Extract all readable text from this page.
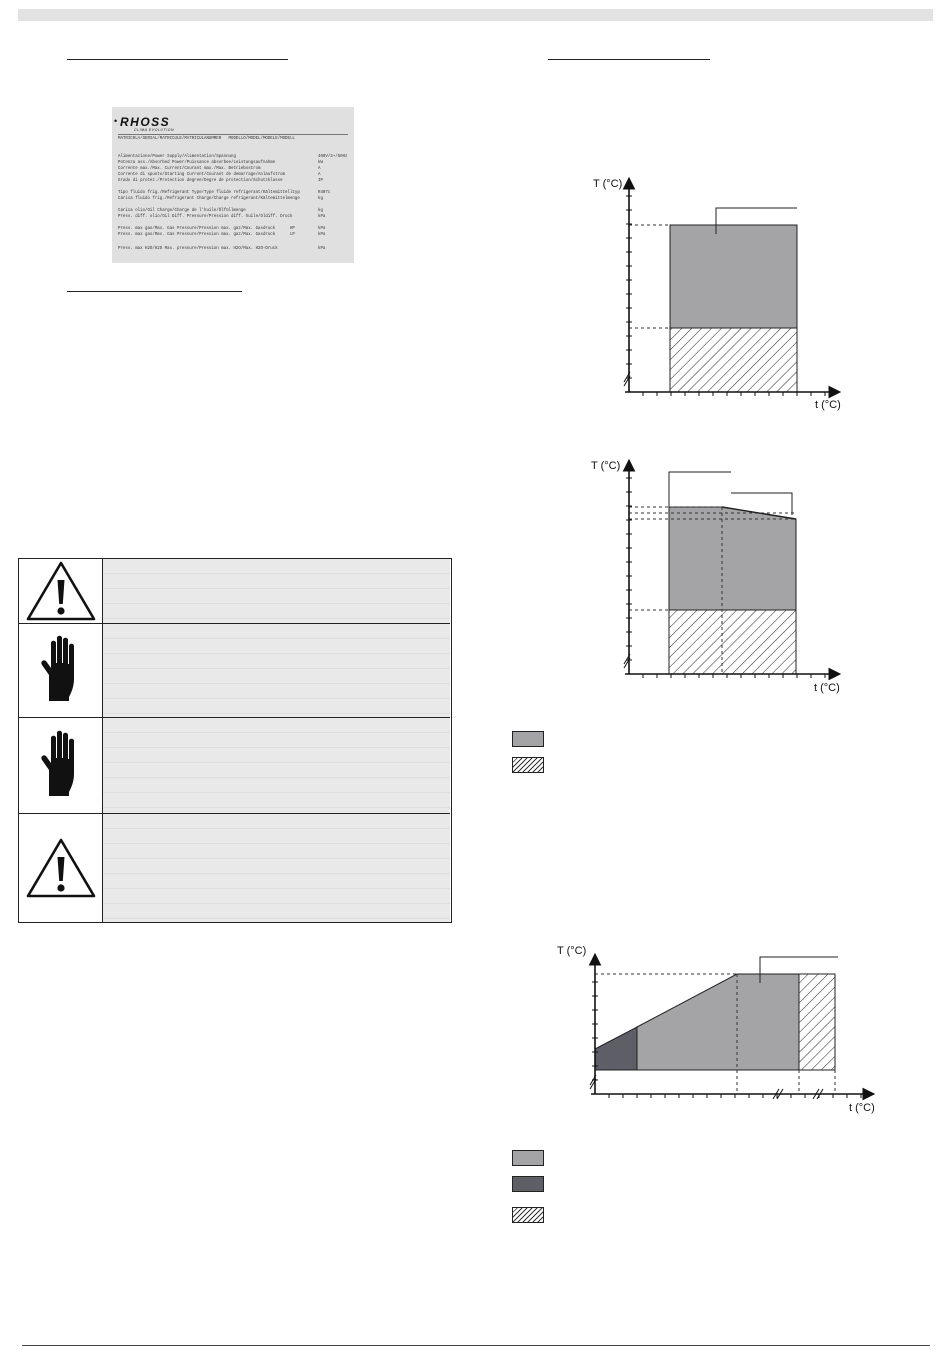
• RHOSS
CLIMA EVOLUTION
MATRICOLA/SERIAL/MATRICULE/MATRICULANUMMER   MODELLO/MODEL/MODELE/MODELL
Alimentazione/Power Supply/Alimentation/Spannung	400V/3~/50Hz
Potenza ass./Absorbed Power/Puissance absorbee/Leistungsaufnahme	kW
Corrente max./Max. Current/Courant max./Max. Betriebsstrom	A
Corrente di spunto/Starting Current/Courant de demarrage/Anlaufstrom	A
Grado di protez./Protection degree/Degre de protection/Schutzklasse	IP
Tipo fluido frig./Refrigerant Type/Type fluide refrigerant/Kältemittelltyp	R407c
Carica fluido frig./Refrigerant Charge/Charge refrigerant/Kältemittelmenge	kg
Carica olio/Oil Charge/Charge de l'huile/Ölfüllmenge	kg
Press. diff. olio/Oil Diff. Pressure/Pression diff. huile/Oldiff. Druck	kPa
Press. max gas/Max. Gas Pressure/Pression max. gaz/Max. Gasdruck      HP	kPa
Press. max gas/Max. Gas Pressure/Pression max. gaz/Max. Gasdruck      LP	kPa
Press. max H2O/H2O Max. pressure/Pression max. H2O/Max. H2O-Druck	kPa
T (°C)
t (°C)
T (°C)
t (°C)
T (°C)
t (°C)
